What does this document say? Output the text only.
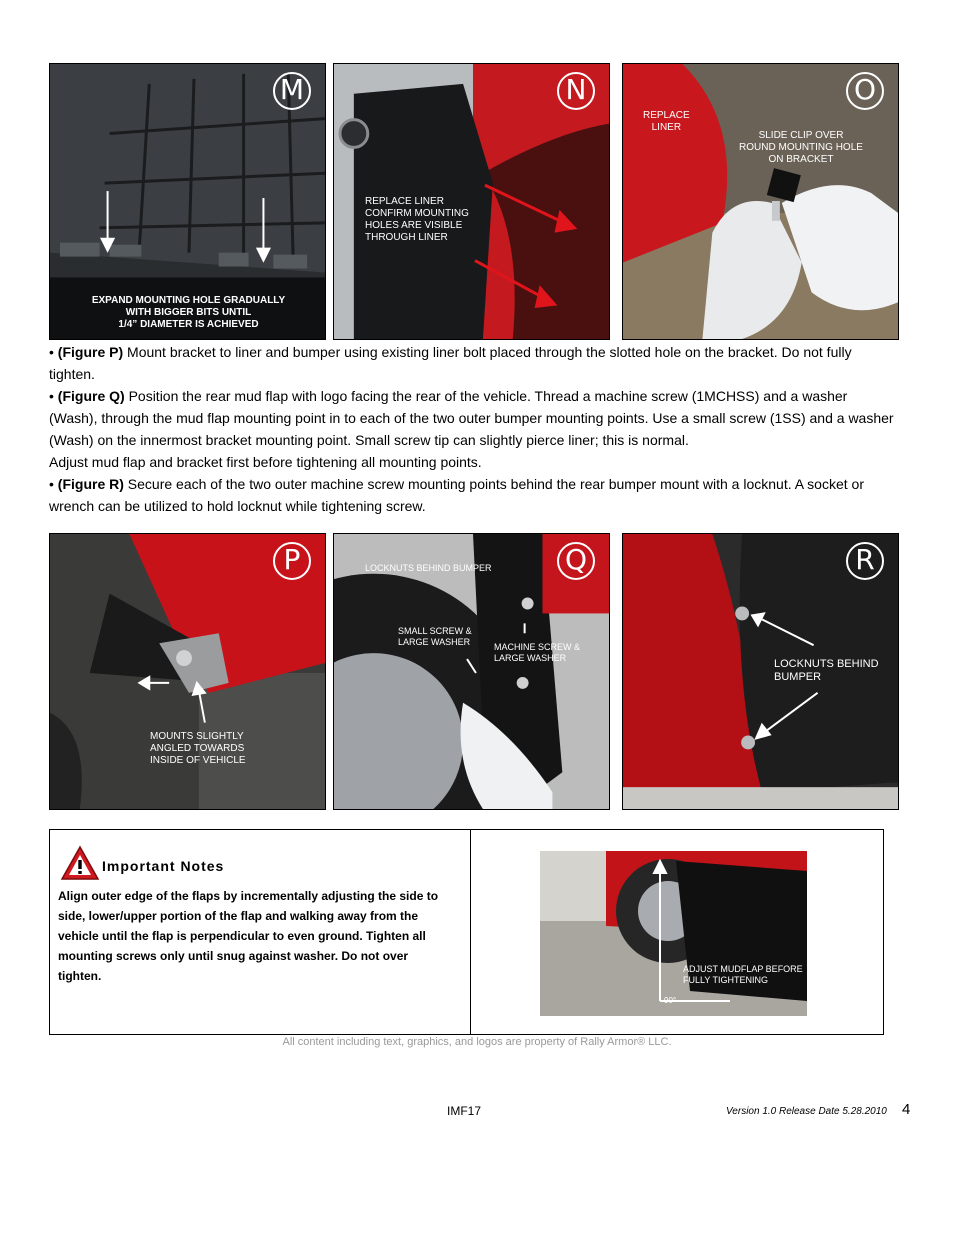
M
EXPAND MOUNTING HOLE GRADUALLY
WITH BIGGER BITS UNTIL
1/4” DIAMETER IS ACHIEVED
N
REPLACE LINER
CONFIRM MOUNTING
HOLES ARE VISIBLE
THROUGH LINER
O
REPLACE
LINER
SLIDE CLIP OVER
ROUND MOUNTING HOLE
ON BRACKET

• (Figure P) Mount bracket to liner and bumper using existing liner bolt placed through the slotted hole on the bracket. Do not fully tighten.

• (Figure Q) Position the rear mud flap with logo facing the rear of the vehicle. Thread a machine screw (1MCHSS) and a washer (Wash), through the mud flap mounting point in to each of the two outer bumper mounting points. Use a small screw (1SS) and a washer (Wash) on the innermost bracket mounting point. Small screw tip can slightly pierce liner; this is normal.

Adjust mud flap and bracket first before tightening all mounting points.

• (Figure R) Secure each of the two outer machine screw mounting points behind the rear bumper mount with a locknut. A socket or wrench can be utilized to hold locknut while tightening screw.

P
MOUNTS SLIGHTLY
ANGLED TOWARDS
INSIDE OF VEHICLE
Q
LOCKNUTS BEHIND BUMPER
SMALL SCREW &
LARGE WASHER	MACHINE SCREW &
LARGE WASHER
R
LOCKNUTS BEHIND
BUMPER
Important Notes
Align outer edge of the flaps by incrementally adjusting the side to side, lower/upper portion of the flap and walking away from the vehicle until the flap is perpendicular to even ground. Tighten all mounting screws only until snug against washer. Do not over tighten.	ADJUST MUDFLAP BEFORE
FULLY TIGHTENING
90°
All content including text, graphics, and logos are property of Rally Armor® LLC.
IMF17	Version 1.0 Release Date 5.28.2010 4
